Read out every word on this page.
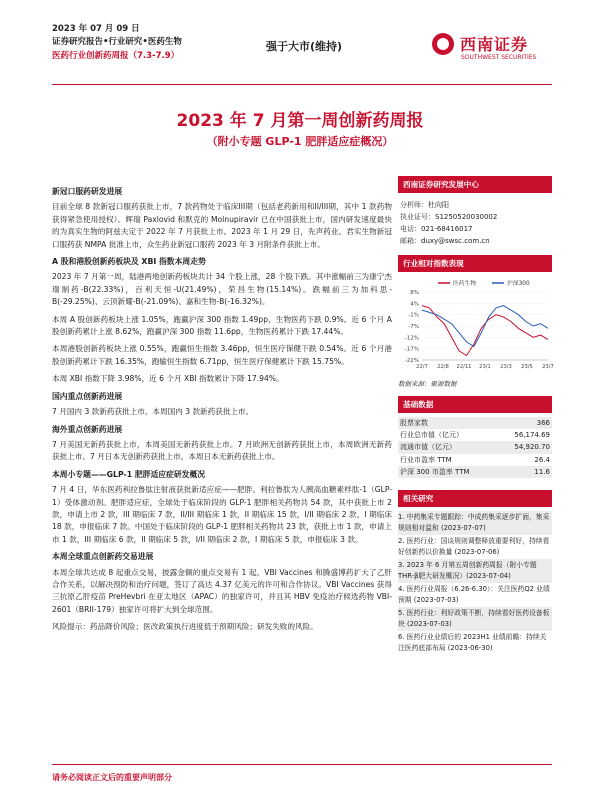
2023 年 07 月 09 日
证券研究报告•行业研究•医药生物
医药行业创新药周报（7.3-7.9）
强于大市(维持)	西南证券
SOUTHWEST SECURITIES
2023 年 7 月第一周创新药周报
（附小专题 GLP-1 肥胖适应症概况）
新冠口服药研发进展

目前全球 8 款新冠口服药获批上市，7 款药物处于临床III期（包括老药新用和II/III期，其中 1 款药物获得紧急使用授权）。辉瑞 Paxlovid 和默克的 Molnupiravir 已在中国获批上市，国内研发速度最快的为真实生物的阿兹夫定于 2022 年 7 月获批上市。2023 年 1 月 29 日，先声药业、君实生物新冠口服药获 NMPA 批准上市，众生药业新冠口服药 2023 年 3 月附条件获批上市。

A 股和港股创新药板块及 XBI 指数本周走势

2023 年 7 月第一周，陆港两地创新药板块共计 34 个股上涨，28 个股下跌。其中涨幅前三为康宁杰瑞制药-B(22.33%)，百利天恒-U(21.49%)，荣昌生物(15.14%)。跌幅前三为加科思-B(-29.25%)、云顶新耀-B(-21.09%)、嘉和生物-B(-16.32%)。

本周 A 股创新药板块上涨 1.05%，跑赢沪深 300 指数 1.49pp，生物医药下跌 0.9%。近 6 个月 A 股创新药累计上涨 8.62%，跑赢沪深 300 指数 11.6pp，生物医药累计下跌 17.44%。

本周港股创新药板块上涨 0.55%，跑赢恒生指数 3.46pp，恒生医疗保健下跌 0.54%。近 6 个月港股创新药累计下跌 16.35%，跑输恒生指数 6.71pp，恒生医疗保健累计下跌 15.75%。

本周 XBI 指数下降 3.98%，近 6 个月 XBI 指数累计下降 17.94%。

国内重点创新药进展

7 月国内 3 款新药获批上市。本周国内 3 款新药获批上市。

海外重点创新药进展

7 月美国无新药获批上市，本周美国无新药获批上市。7 月欧洲无创新药获批上市，本周欧洲无新药获批上市。7 月日本无创新药获批上市，本周日本无新药获批上市。

本周小专题——GLP-1 肥胖适应症研发概况

7 月 4 日，华东医药利拉鲁肽注射液获批新适应症——肥胖。利拉鲁肽为人胰高血糖素样肽-1（GLP-1）受体激动剂。肥胖适应症，全球处于临床阶段的 GLP-1 肥胖相关药物共 54 款，其中获批上市 2 款，申请上市 2 款，III 期临床 7 款，II/III 期临床 1 款，II 期临床 15 款，I/II 期临床 2 款，I 期临床 18 款，申报临床 7 款。中国处于临床阶段的 GLP-1 肥胖相关药物共 23 款，获批上市 1 款，申请上市 1 款，III 期临床 6 款，II 期临床 5 款，I/II 期临床 2 款，I 期临床 5 款，申报临床 3 款。

本周全球重点创新药交易进展

本周全球共达成 8 起重点交易，披露金额的重点交易有 1 起。VBI Vaccines 和腾盛博药扩大了乙肝合作关系，以解决预防和治疗问题，签订了高达 4.37 亿美元的许可和合作协议。VBI Vaccines 获得三抗原乙肝疫苗 PreHevbri 在亚太地区（APAC）的独家许可，并且其 HBV 免疫治疗候选药物 VBI-2601（BRII-179）独家许可将扩大到全球范围。

风险提示：药品降价风险；医改政策执行进度低于预期风险；研发失败的风险。

西南证券研究发展中心
分析师：杜向阳
执业证号：S1250520030002
电话：021-68416017
邮箱：duxy@swsc.com.cn
行业相对指数表现
8%
4%
-1%
-7%
-12%
-17%
-22%
22/7 22/8 22/11 23/1 23/3 23/5 23/7
医药生物	沪深300
数据来源：聚源数据
基础数据
股票家数	366
行业总市值（亿元）	56,174.69
流通市值（亿元）	54,920.70
行业市盈率 TTM	26.4
沪深 300 市盈率 TTM	11.6
相关研究
1. 中药集采专题跟踪：中成药集采逐步扩面，集采规则相对温和 (2023-07-07)
2. 医药行业：国谈规则调整释放重要利好，持续看好创新药以价换量 (2023-07-06)
3. 2023 年 6 月第五周创新药周报（附小专题 THR-β肥大研发概况）(2023-07-04)
4. 医药行业周报（6.26-6.30）：关注医药Q2 业绩预期 (2023-07-03)
5. 医药行业：利好政策不断，持续看好医药设备板块 (2023-07-03)
6. 医药行业业绩后的 2023H1 业绩前瞻：持续关注医药底部布局 (2023-06-30)
请务必阅读正文后的重要声明部分
